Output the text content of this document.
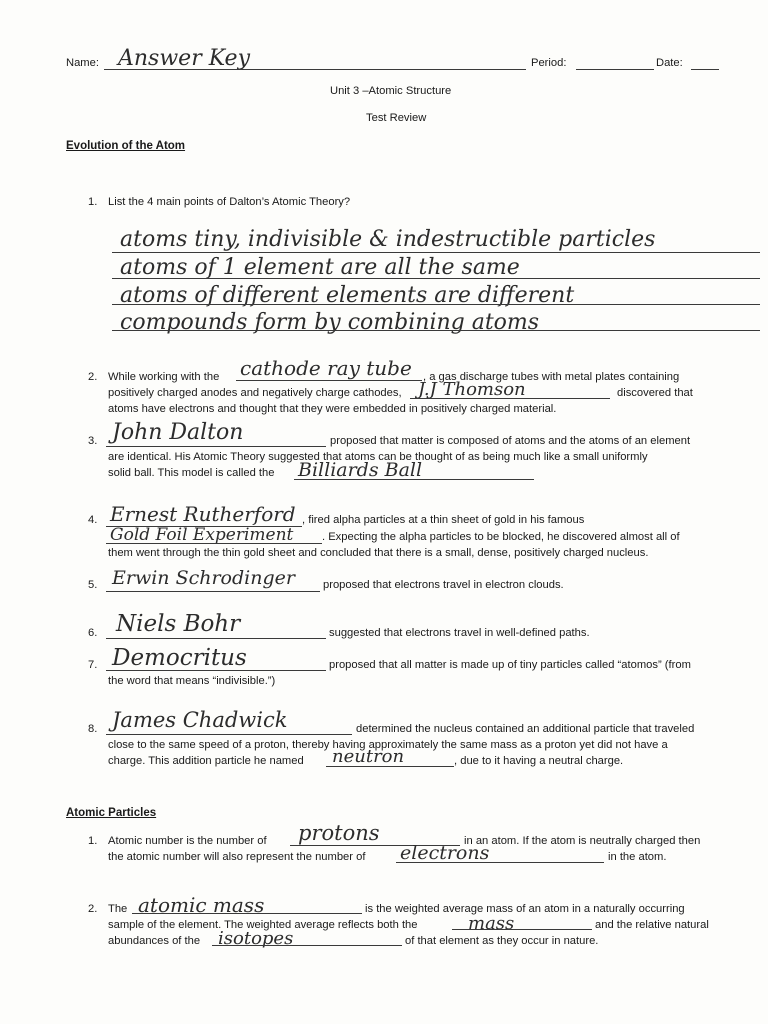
Name: Answer Key	Period:	Date:
Unit 3 –Atomic Structure
Test Review
Evolution of the Atom
1. List the 4 main points of Dalton’s Atomic Theory?
atoms tiny, indivisible & indestructible particles
atoms of 1 element are all the same
atoms of different elements are different
compounds form by combining atoms
2. While working with the cathode ray tube , a gas discharge tubes with metal plates containing
positively charged anodes and negatively charge cathodes, J.J Thomson	discovered that
atoms have electrons and thought that they were embedded in positively charged material.
3. John Dalton	proposed that matter is composed of atoms and the atoms of an element
are identical. His Atomic Theory suggested that atoms can be thought of as being much like a small uniformly
solid ball. This model is called the Billiards Ball
4. Ernest Rutherford , fired alpha particles at a thin sheet of gold in his famous
Gold Foil Experiment	. Expecting the alpha particles to be blocked, he discovered almost all of
them went through the thin gold sheet and concluded that there is a small, dense, positively charged nucleus.
5. Erwin Schrodinger	proposed that electrons travel in electron clouds.
6. Niels Bohr	suggested that electrons travel in well-defined paths.
7. Democritus	proposed that all matter is made up of tiny particles called “atomos” (from
the word that means “indivisible.”)
8. James Chadwick	determined the nucleus contained an additional particle that traveled
close to the same speed of a proton, thereby having approximately the same mass as a proton yet did not have a
charge. This addition particle he named neutron	, due to it having a neutral charge.
Atomic Particles
1. Atomic number is the number of protons	in an atom. If the atom is neutrally charged then
the atomic number will also represent the number of electrons	in the atom.
2. The atomic mass	is the weighted average mass of an atom in a naturally occurring
sample of the element. The weighted average reflects both the	mass	and the relative natural
abundances of the isotopes	of that element as they occur in nature.
